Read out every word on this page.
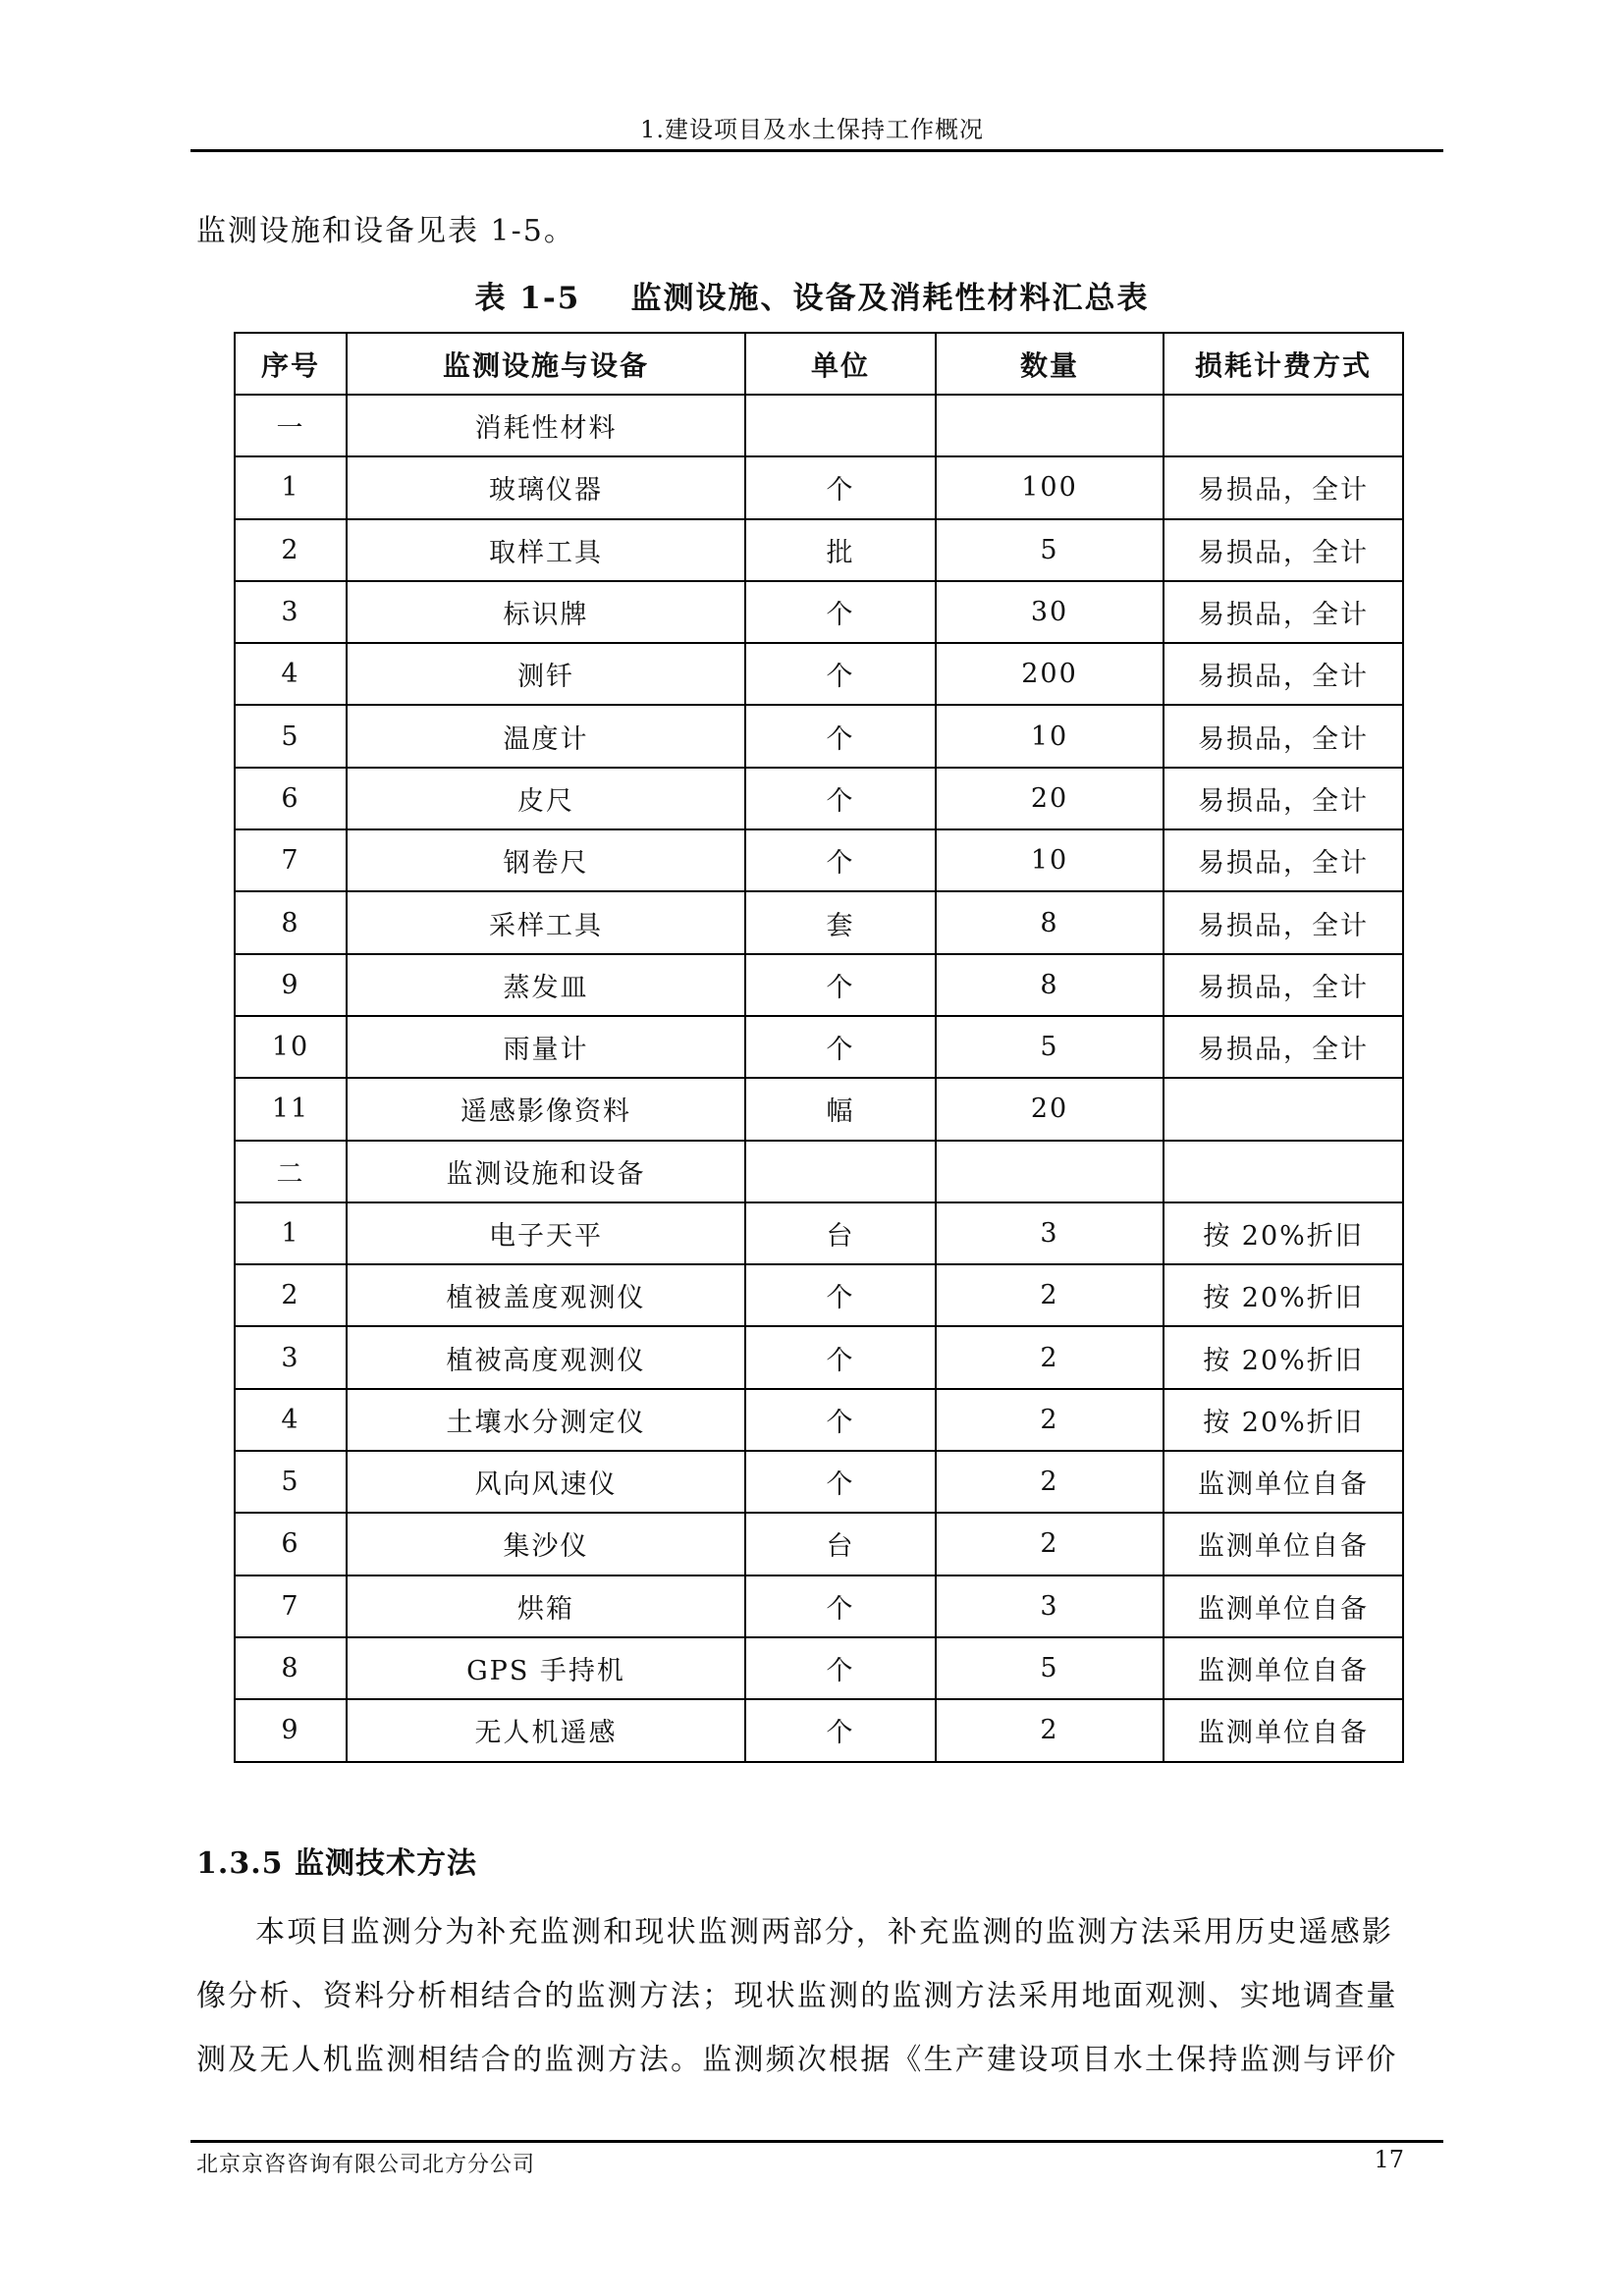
1.建设项目及水土保持工作概况
监测设施和设备见表 1-5。
表 1-5    监测设施、设备及消耗性材料汇总表
序号	监测设施与设备	单位	数量	损耗计费方式
一	消耗性材料			
1	玻璃仪器	个	100	易损品，全计
2	取样工具	批	5	易损品，全计
3	标识牌	个	30	易损品，全计
4	测钎	个	200	易损品，全计
5	温度计	个	10	易损品，全计
6	皮尺	个	20	易损品，全计
7	钢卷尺	个	10	易损品，全计
8	采样工具	套	8	易损品，全计
9	蒸发皿	个	8	易损品，全计
10	雨量计	个	5	易损品，全计
11	遥感影像资料	幅	20	
二	监测设施和设备			
1	电子天平	台	3	按 20%折旧
2	植被盖度观测仪	个	2	按 20%折旧
3	植被高度观测仪	个	2	按 20%折旧
4	土壤水分测定仪	个	2	按 20%折旧
5	风向风速仪	个	2	监测单位自备
6	集沙仪	台	2	监测单位自备
7	烘箱	个	3	监测单位自备
8	GPS 手持机	个	5	监测单位自备
9	无人机遥感	个	2	监测单位自备
1.3.5 监测技术方法

本项目监测分为补充监测和现状监测两部分，补充监测的监测方法采用历史遥感影

像分析、资料分析相结合的监测方法；现状监测的监测方法采用地面观测、实地调查量

测及无人机监测相结合的监测方法。监测频次根据《生产建设项目水土保持监测与评价

北京京咨咨询有限公司北方分公司	17
